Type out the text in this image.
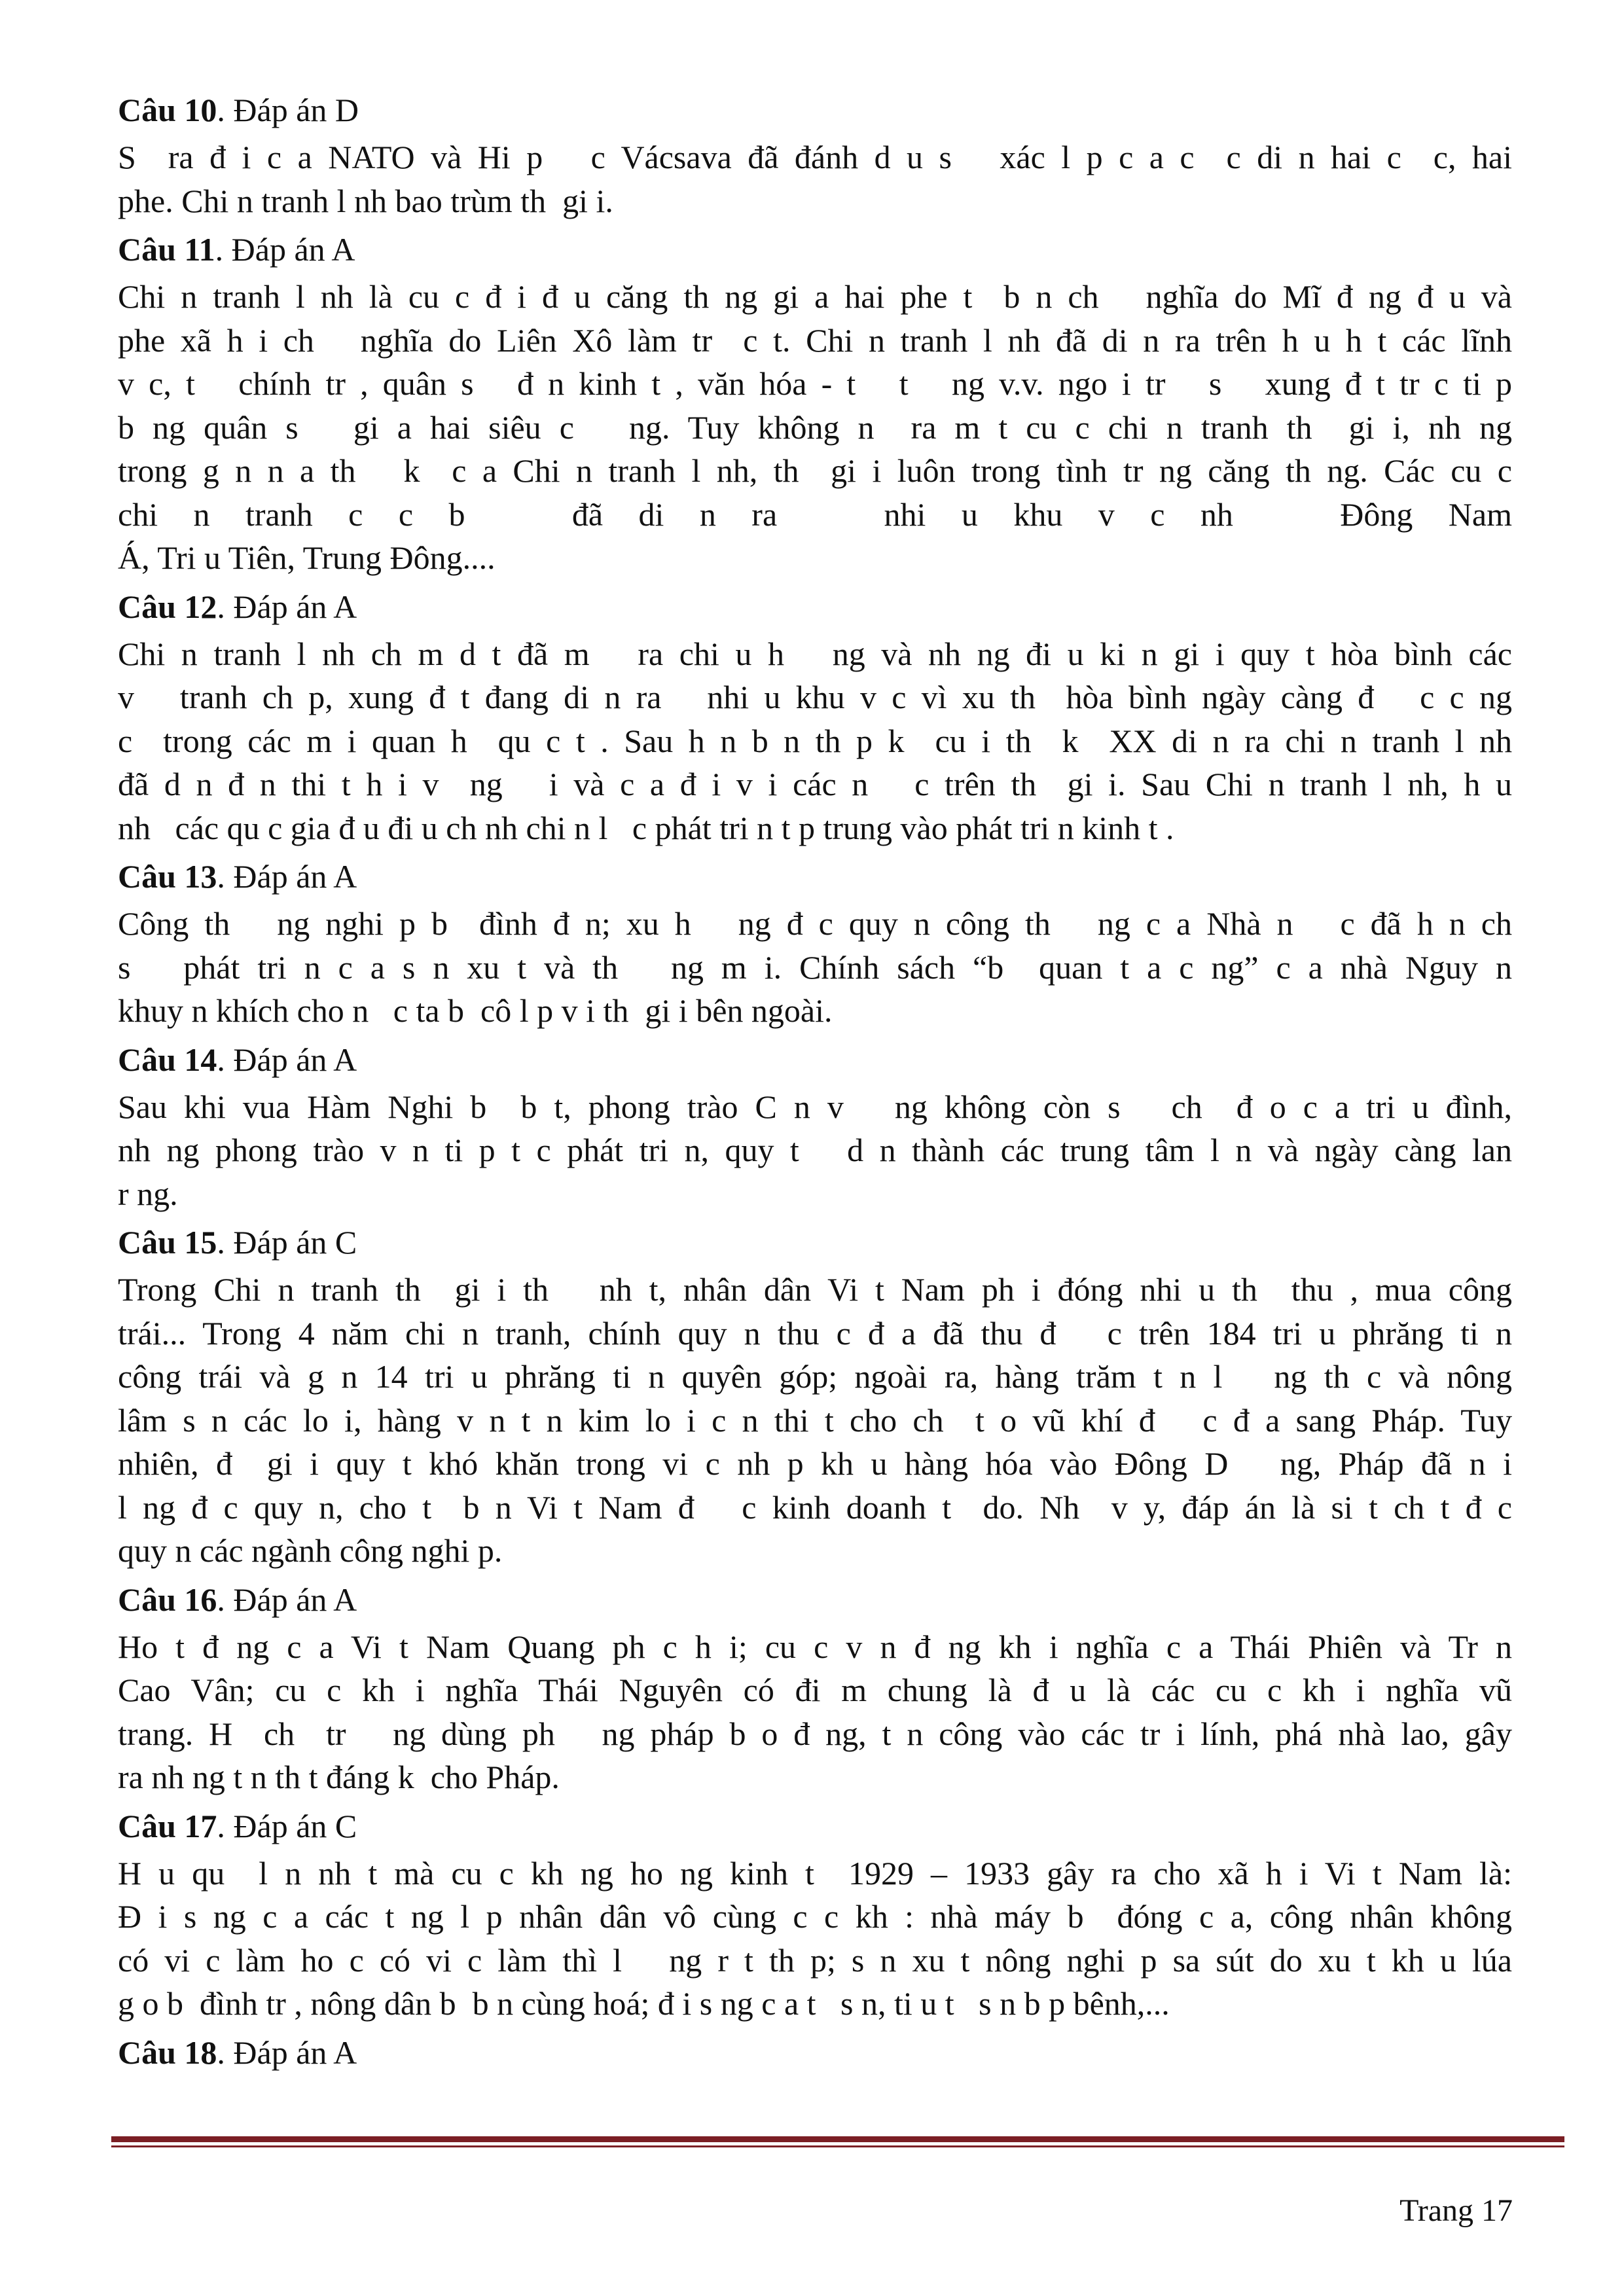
Câu 10. Đáp án D
S  ra đ i c a NATO và Hi p   c Vácsava đã đánh d u s   xác l p c a c  c di n hai c  c, hai
phe. Chi n tranh l nh bao trùm th  gi i.
Câu 11. Đáp án A
Chi n tranh l nh là cu c đ i đ u căng th ng gi a hai phe t  b n ch   nghĩa do Mĩ đ ng đ u và
phe xã h i ch   nghĩa do Liên Xô làm tr  c t. Chi n tranh l nh đã di n ra trên h u h t các lĩnh
v c, t   chính tr , quân s   đ n kinh t , văn hóa - t   t   ng v.v. ngo i tr   s   xung đ t tr c ti p
b ng quân s   gi a hai siêu c   ng. Tuy không n  ra m t cu c chi n tranh th  gi i, nh ng
trong g n n a th   k  c a Chi n tranh l nh, th  gi i luôn trong tình tr ng căng th ng. Các cu c
chi n tranh c c b   đã di n ra   nhi u khu v c nh   Đông Nam
Á, Tri u Tiên, Trung Đông....
Câu 12. Đáp án A
Chi n tranh l nh ch m d t đã m   ra chi u h   ng và nh ng đi u ki n gi i quy t hòa bình các
v   tranh ch p, xung đ t đang di n ra   nhi u khu v c vì xu th  hòa bình ngày càng đ   c c ng
c  trong các m i quan h  qu c t . Sau h n b n th p k  cu i th  k  XX di n ra chi n tranh l nh
đã d n đ n thi t h i v  ng   i và c a đ i v i các n   c trên th  gi i. Sau Chi n tranh l nh, h u
nh   các qu c gia đ u đi u ch nh chi n l   c phát tri n t p trung vào phát tri n kinh t .
Câu 13. Đáp án A
Công th   ng nghi p b  đình đ n; xu h   ng đ c quy n công th   ng c a Nhà n   c đã h n ch
s   phát tri n c a s n xu t và th   ng m i. Chính sách “b  quan t a c ng” c a nhà Nguy n
khuy n khích cho n   c ta b  cô l p v i th  gi i bên ngoài.
Câu 14. Đáp án A
Sau khi vua Hàm Nghi b  b t, phong trào C n v   ng không còn s   ch  đ o c a tri u đình,
nh ng phong trào v n ti p t c phát tri n, quy t   d n thành các trung tâm l n và ngày càng lan
r ng.
Câu 15. Đáp án C
Trong Chi n tranh th  gi i th   nh t, nhân dân Vi t Nam ph i đóng nhi u th  thu , mua công
trái... Trong 4 năm chi n tranh, chính quy n thu c đ a đã thu đ   c trên 184 tri u phrăng ti n
công trái và g n 14 tri u phrăng ti n quyên góp; ngoài ra, hàng trăm t n l   ng th c và nông
lâm s n các lo i, hàng v n t n kim lo i c n thi t cho ch  t o vũ khí đ   c đ a sang Pháp. Tuy
nhiên, đ  gi i quy t khó khăn trong vi c nh p kh u hàng hóa vào Đông D   ng, Pháp đã n i
l ng đ c quy n, cho t  b n Vi t Nam đ   c kinh doanh t  do. Nh  v y, đáp án là si t ch t đ c
quy n các ngành công nghi p.
Câu 16. Đáp án A
Ho t đ ng c a Vi t Nam Quang ph c h i; cu c v n đ ng kh i nghĩa c a Thái Phiên và Tr n
Cao Vân; cu c kh i nghĩa Thái Nguyên có đi m chung là đ u là các cu c kh i nghĩa vũ
trang. H  ch  tr   ng dùng ph   ng pháp b o đ ng, t n công vào các tr i lính, phá nhà lao, gây
ra nh ng t n th t đáng k  cho Pháp.
Câu 17. Đáp án C
H u qu  l n nh t mà cu c kh ng ho ng kinh t  1929 – 1933 gây ra cho xã h i Vi t Nam là:
Đ i s ng c a các t ng l p nhân dân vô cùng c c kh : nhà máy b  đóng c a, công nhân không
có vi c làm ho c có vi c làm thì l   ng r t th p; s n xu t nông nghi p sa sút do xu t kh u lúa
g o b  đình tr , nông dân b  b n cùng hoá; đ i s ng c a t   s n, ti u t   s n b p bênh,...
Câu 18. Đáp án A
Trang 17
